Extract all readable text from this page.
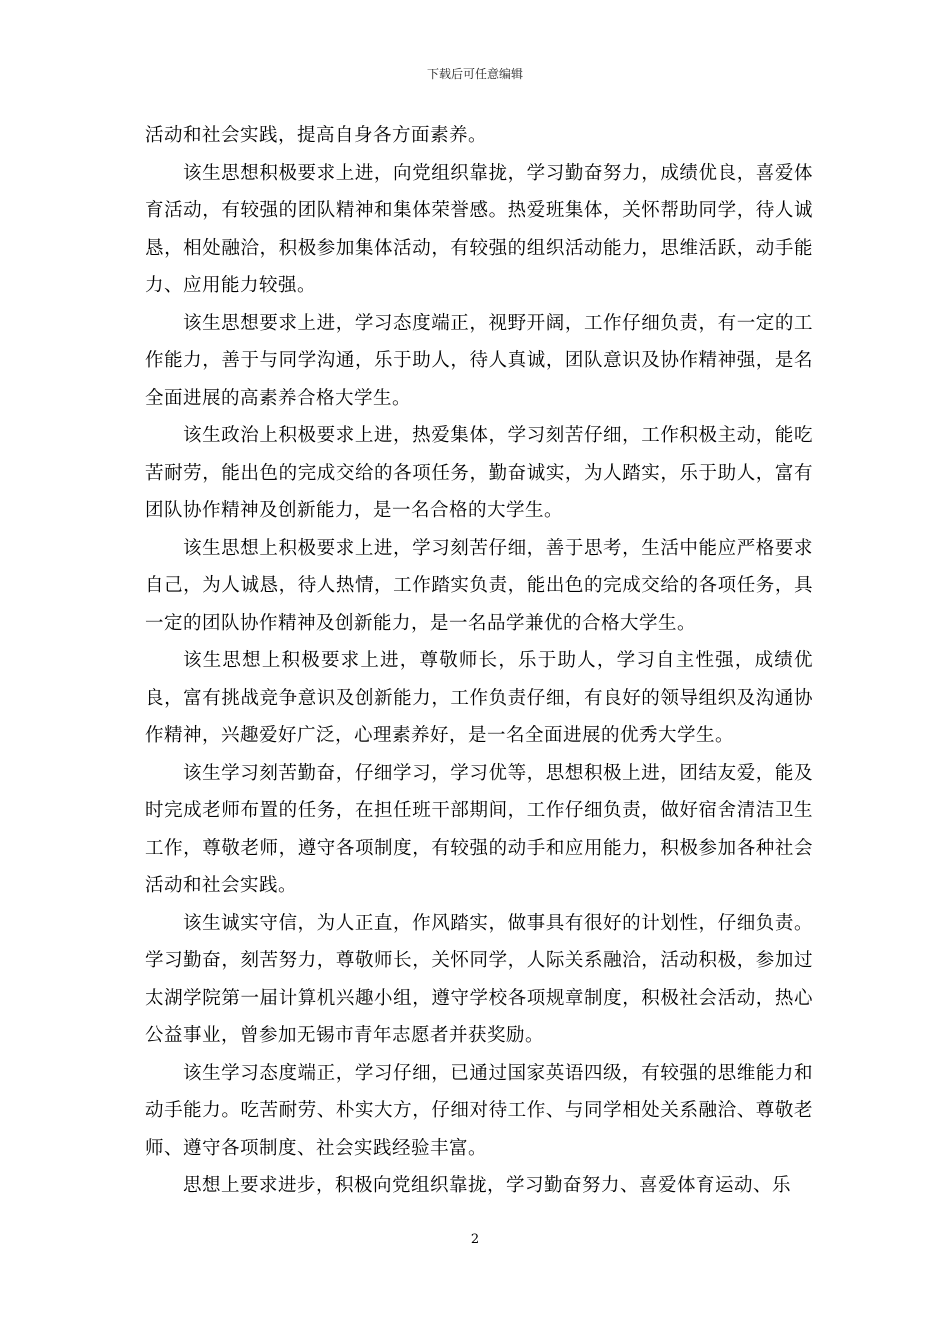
下载后可任意编辑

活动和社会实践，提高自身各方面素养。

该生思想积极要求上进，向党组织靠拢，学习勤奋努力，成绩优良，喜爱体育活动，有较强的团队精神和集体荣誉感。热爱班集体，关怀帮助同学，待人诚恳，相处融洽，积极参加集体活动，有较强的组织活动能力，思维活跃，动手能力、应用能力较强。

该生思想要求上进，学习态度端正，视野开阔，工作仔细负责，有一定的工作能力，善于与同学沟通，乐于助人，待人真诚，团队意识及协作精神强，是名全面进展的高素养合格大学生。

该生政治上积极要求上进，热爱集体，学习刻苦仔细，工作积极主动，能吃苦耐劳，能出色的完成交给的各项任务，勤奋诚实，为人踏实，乐于助人，富有团队协作精神及创新能力，是一名合格的大学生。

该生思想上积极要求上进，学习刻苦仔细，善于思考，生活中能应严格要求自己，为人诚恳，待人热情，工作踏实负责，能出色的完成交给的各项任务，具一定的团队协作精神及创新能力，是一名品学兼优的合格大学生。

该生思想上积极要求上进，尊敬师长，乐于助人，学习自主性强，成绩优良，富有挑战竞争意识及创新能力，工作负责仔细，有良好的领导组织及沟通协作精神，兴趣爱好广泛，心理素养好，是一名全面进展的优秀大学生。

该生学习刻苦勤奋，仔细学习，学习优等，思想积极上进，团结友爱，能及时完成老师布置的任务，在担任班干部期间，工作仔细负责，做好宿舍清洁卫生工作，尊敬老师，遵守各项制度，有较强的动手和应用能力，积极参加各种社会活动和社会实践。

该生诚实守信，为人正直，作风踏实，做事具有很好的计划性，仔细负责。学习勤奋，刻苦努力，尊敬师长，关怀同学，人际关系融洽，活动积极，参加过太湖学院第一届计算机兴趣小组，遵守学校各项规章制度，积极社会活动，热心公益事业，曾参加无锡市青年志愿者并获奖励。

该生学习态度端正，学习仔细，已通过国家英语四级，有较强的思维能力和动手能力。吃苦耐劳、朴实大方，仔细对待工作、与同学相处关系融洽、尊敬老师、遵守各项制度、社会实践经验丰富。

思想上要求进步，积极向党组织靠拢，学习勤奋努力、喜爱体育运动、乐

2
